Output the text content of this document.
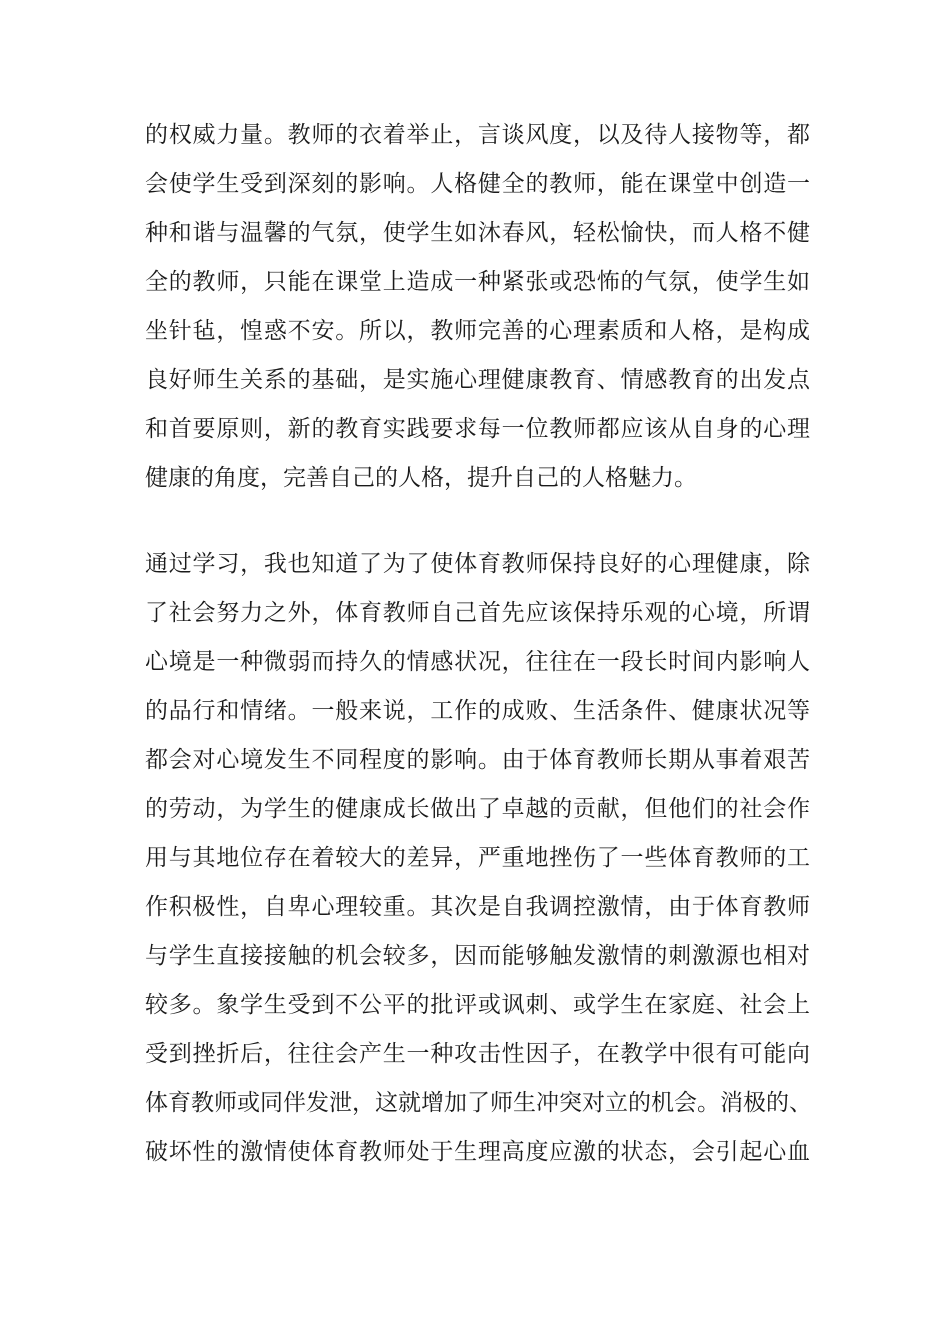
的权威力量。教师的衣着举止，言谈风度，以及待人接物等，都
会使学生受到深刻的影响。人格健全的教师，能在课堂中创造一
种和谐与温馨的气氛，使学生如沐春风，轻松愉快，而人格不健
全的教师，只能在课堂上造成一种紧张或恐怖的气氛，使学生如
坐针毡，惶惑不安。所以，教师完善的心理素质和人格，是构成
良好师生关系的基础，是实施心理健康教育、情感教育的出发点
和首要原则，新的教育实践要求每一位教师都应该从自身的心理
健康的角度，完善自己的人格，提升自己的人格魅力。
通过学习，我也知道了为了使体育教师保持良好的心理健康，除
了社会努力之外，体育教师自己首先应该保持乐观的心境，所谓
心境是一种微弱而持久的情感状况，往往在一段长时间内影响人
的品行和情绪。一般来说，工作的成败、生活条件、健康状况等
都会对心境发生不同程度的影响。由于体育教师长期从事着艰苦
的劳动，为学生的健康成长做出了卓越的贡献，但他们的社会作
用与其地位存在着较大的差异，严重地挫伤了一些体育教师的工
作积极性，自卑心理较重。其次是自我调控激情，由于体育教师
与学生直接接触的机会较多，因而能够触发激情的刺激源也相对
较多。象学生受到不公平的批评或讽刺、或学生在家庭、社会上
受到挫折后，往往会产生一种攻击性因子，在教学中很有可能向
体育教师或同伴发泄，这就增加了师生冲突对立的机会。消极的、
破坏性的激情使体育教师处于生理高度应激的状态，会引起心血
